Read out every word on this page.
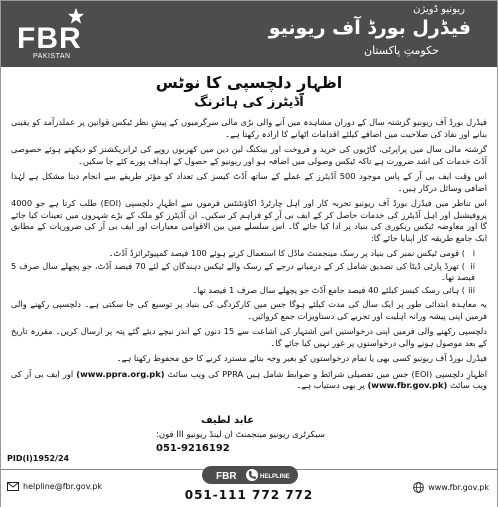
FBR
PAKISTAN
ریونیو ڈویژن
فیڈرل بورڈ آف ریونیو
حکومتِ پاکستان
اظہارِ دلچسپی کا نوٹس
آڈیٹرز کی ہائرنگ

فیڈرل بورڈ آف ریونیو گزشتہ سال کے دوران مشاہدہ میں آنے والی بڑی مالی سرگرمیوں کے پیشِ نظر ٹیکس قوانین پر عملدرآمد کو یقینی بنانے اور نفاذ کی صلاحیت میں اضافے کیلئے اقدامات اٹھانے کا ارادہ رکھتا ہے۔

گزشتہ مالی سال میں پراپرٹی، گاڑیوں کی خرید و فروخت اور بینکنگ لین دین میں کھربوں روپے کی ٹرانزیکشنز کو دیکھتے ہوئے خصوصی آڈٹ خدمات کی اشد ضرورت ہے تاکہ ٹیکس وصولی میں اضافہ ہو اور ریونیو کے حصول کے اہداف پورے کئے جا سکیں۔

اس وقت ایف بی آر کے پاس موجود 500 آڈیٹرز کے عملے کے ساتھ آڈٹ کیسز کی تعداد کو مؤثر طریقے سے انجام دینا مشکل ہے لہٰذا اضافی وسائل درکار ہیں۔

اس تناظر میں فیڈرل بورڈ آف ریونیو تجربہ کار اور اہل چارٹرڈ اکاؤنٹنٹس فرموں سے اظہارِ دلچسپی (EOI) طلب کرتا ہے جو 4000 پروفیشنل اور اہل آڈیٹرز کی خدمات حاصل کر کے ایف بی آر کو فراہم کر سکیں۔ ان آڈیٹرز کو ملک کے بڑے شہروں میں تعینات کیا جائے گا اور معاوضہ ٹیکس ریکوری کی بنیاد پر ادا کیا جائے گا۔ اس سلسلے میں بین الاقوامی معیارات اور ایف بی آر کی ضروریات کے مطابق ایک جامع طریقہ کار اپنایا جائے گا:

i) قومی ٹیکس نمبر کی بنیاد پر رسک مینجمنٹ ماڈل کا استعمال کرتے ہوئے 100 فیصد کمپیوٹرائزڈ آڈٹ۔
ii) تھرڈ پارٹی ڈیٹا کی تصدیق شامل کر کے درمیانے درجے کے رسک والے ٹیکس دہندگان کے لئے 70 فیصد آڈٹ، جو پچھلے سال صرف 5 فیصد تھا۔
iii) ہائی رسک کیسز کیلئے 40 فیصد جامع آڈٹ جو پچھلے سال صرف 1 فیصد تھا۔

یہ معاہدہ ابتدائی طور پر ایک سال کی مدت کیلئے ہوگا جس میں کارکردگی کی بنیاد پر توسیع کی جا سکتی ہے۔ دلچسپی رکھنے والی فرمیں اپنی پیشہ ورانہ اہلیت اور تجربے کی دستاویزات جمع کروائیں۔

دلچسپی رکھنے والی فرمیں اپنی درخواستیں اس اشتہار کی اشاعت سے 15 دنوں کے اندر نیچے دیئے گئے پتہ پر ارسال کریں۔ مقررہ تاریخ کے بعد موصول ہونے والی درخواستوں پر غور نہیں کیا جائے گا۔

فیڈرل بورڈ آف ریونیو کسی بھی یا تمام درخواستوں کو بغیر وجہ بتائے مسترد کرنے کا حق محفوظ رکھتا ہے۔

اظہارِ دلچسپی (EOI) جس میں تفصیلی شرائط و ضوابط شامل ہیں PPRA کی ویب سائٹ (www.ppra.org.pk) اور ایف بی آر کی ویب سائٹ (www.fbr.gov.pk) پر بھی دستیاب ہے۔

عابد لطیف
سیکرٹری ریونیو مینجمنٹ ان لینڈ ریونیو III فون:
051-9216192
PID(I)1952/24
helpline@fbr.gov.pk
FBR	HELPLINE
051-111 772 772
www.fbr.gov.pk
